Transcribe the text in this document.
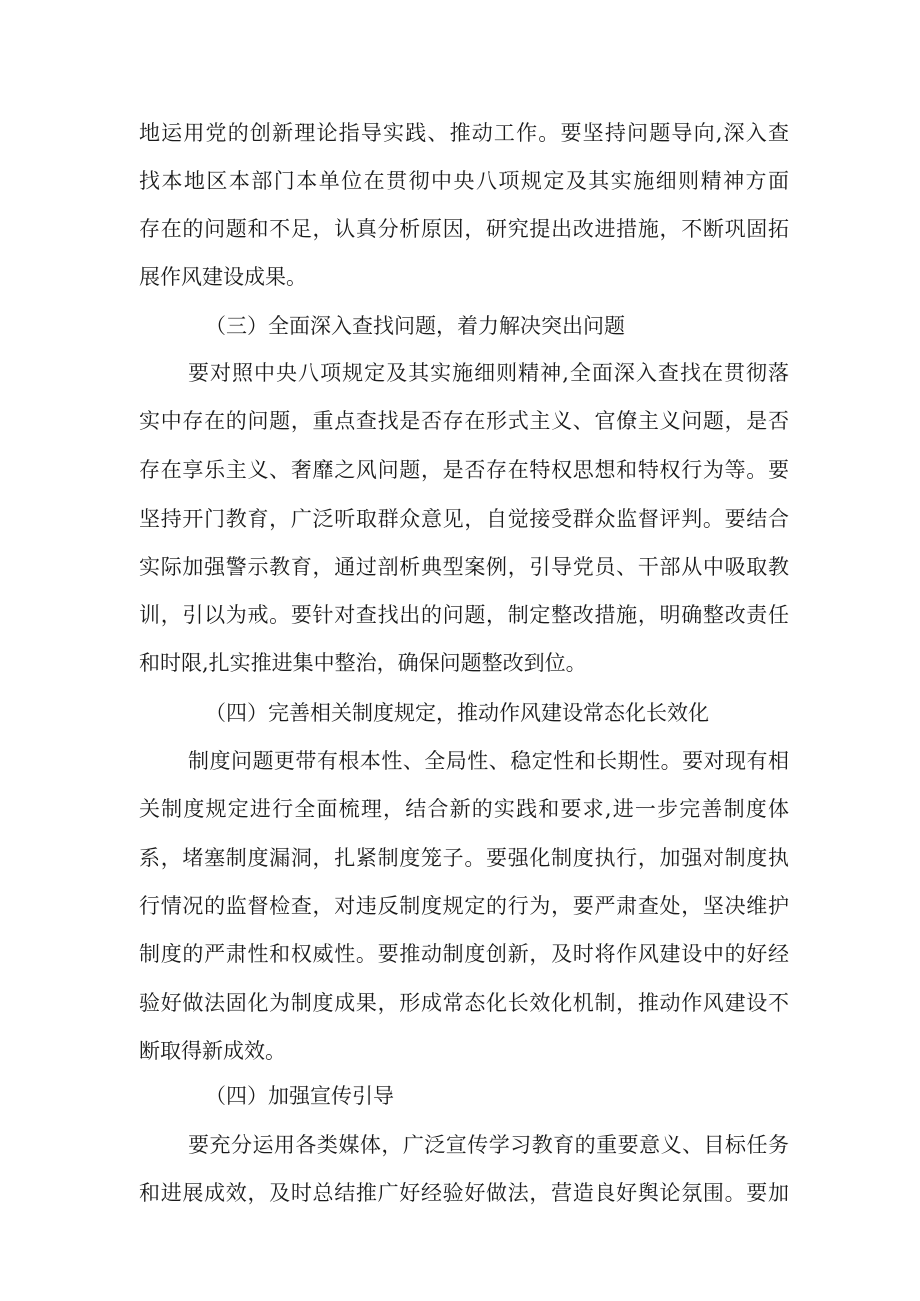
地运用党的创新理论指导实践、推动工作。要坚持问题导向,深入查
找本地区本部门本单位在贯彻中央八项规定及其实施细则精神方面
存在的问题和不足，认真分析原因，研究提出改进措施，不断巩固拓
展作风建设成果。
（三）全面深入查找问题，着力解决突出问题
要对照中央八项规定及其实施细则精神,全面深入查找在贯彻落
实中存在的问题，重点查找是否存在形式主义、官僚主义问题，是否
存在享乐主义、奢靡之风问题，是否存在特权思想和特权行为等。要
坚持开门教育，广泛听取群众意见，自觉接受群众监督评判。要结合
实际加强警示教育，通过剖析典型案例，引导党员、干部从中吸取教
训，引以为戒。要针对查找出的问题，制定整改措施，明确整改责任
和时限,扎实推进集中整治，确保问题整改到位。
（四）完善相关制度规定，推动作风建设常态化长效化
制度问题更带有根本性、全局性、稳定性和长期性。要对现有相
关制度规定进行全面梳理，结合新的实践和要求,进一步完善制度体
系，堵塞制度漏洞，扎紧制度笼子。要强化制度执行，加强对制度执
行情况的监督检查，对违反制度规定的行为，要严肃查处，坚决维护
制度的严肃性和权威性。要推动制度创新，及时将作风建设中的好经
验好做法固化为制度成果，形成常态化长效化机制，推动作风建设不
断取得新成效。
（四）加强宣传引导
要充分运用各类媒体，广泛宣传学习教育的重要意义、目标任务
和进展成效，及时总结推广好经验好做法，营造良好舆论氛围。要加
